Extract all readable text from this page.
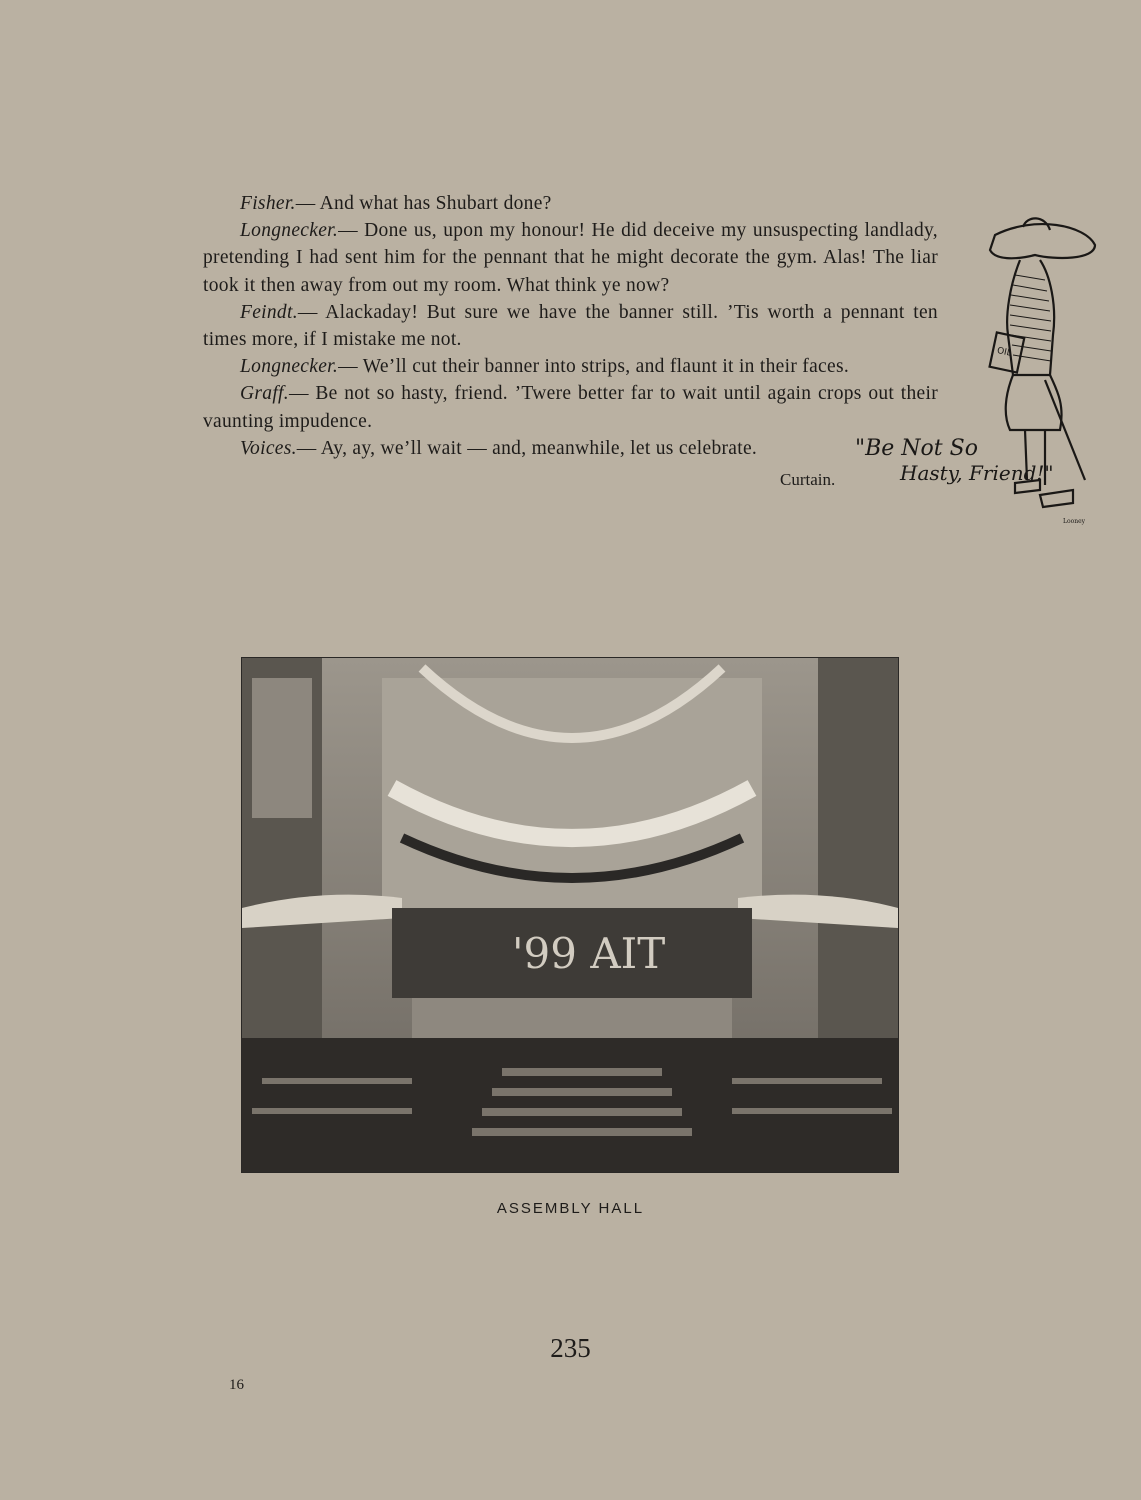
Fisher.— And what has Shubart done?

Longnecker.— Done us, upon my honour! He did deceive my unsuspecting landlady, pretending I had sent him for the pennant that he might decorate the gym. Alas! The liar took it then away from out my room. What think ye now?

Feindt.— Alackaday! But sure we have the banner still. ’Tis worth a pennant ten times more, if I mistake me not.

Longnecker.— We’ll cut their banner into strips, and flaunt it in their faces.

Graff.— Be not so hasty, friend. ’Twere better far to wait until again crops out their vaunting impudence.

Voices.— Ay, ay, we’ll wait — and, meanwhile, let us celebrate.

Curtain.
OIL
"Be Not So
Hasty, Friend!"
Looney
'99 AIT
ASSEMBLY HALL
235
16
